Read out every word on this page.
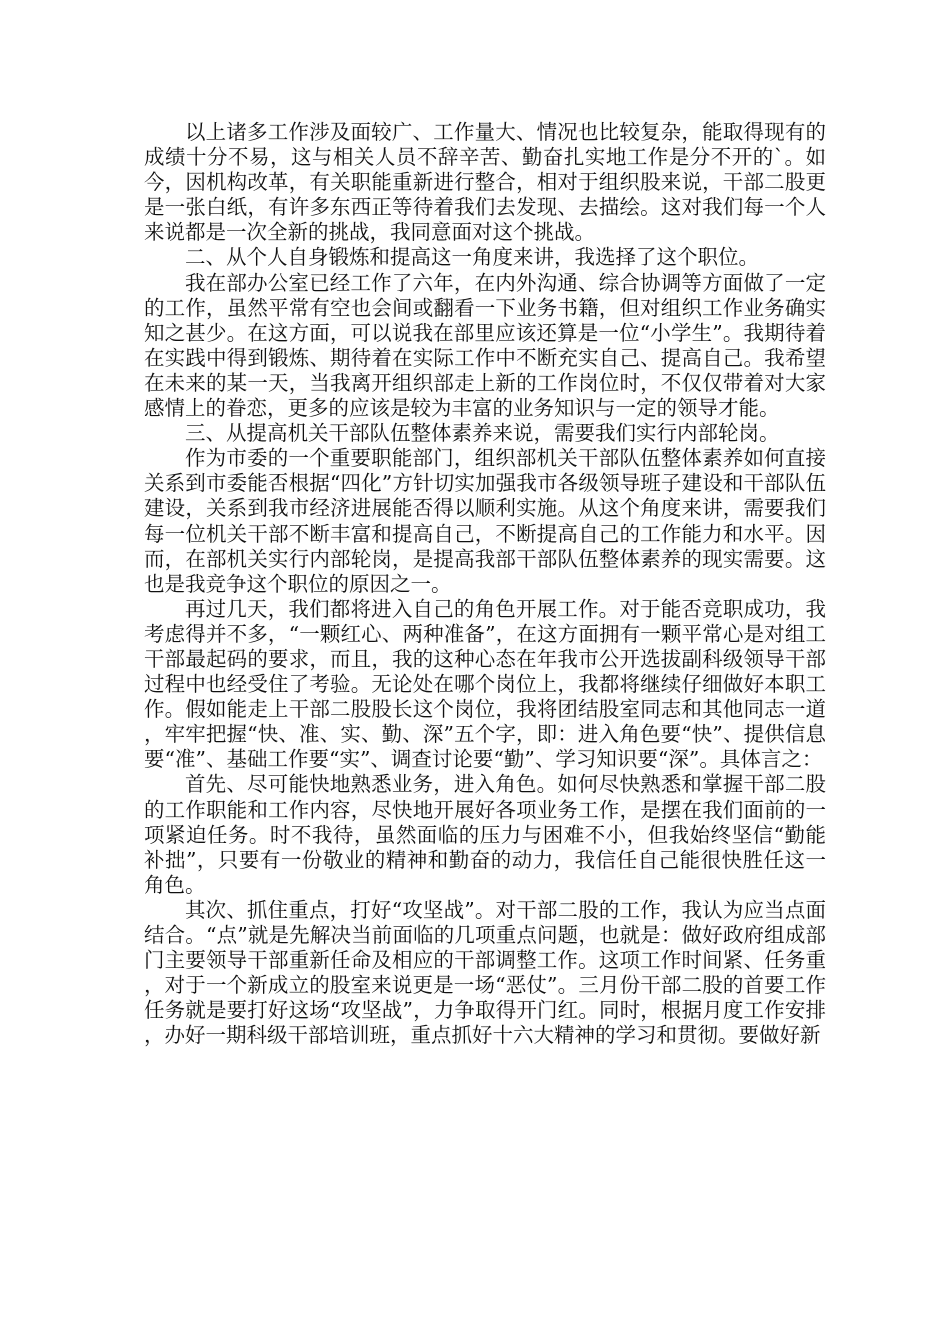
以上诸多工作涉及面较广、工作量大、情况也比较复杂，能取得现有的成绩十分不易，这与相关人员不辞辛苦、勤奋扎实地工作是分不开的`。如今，因机构改革，有关职能重新进行整合，相对于组织股来说，干部二股更是一张白纸，有许多东西正等待着我们去发现、去描绘。这对我们每一个人来说都是一次全新的挑战，我同意面对这个挑战。

二、从个人自身锻炼和提高这一角度来讲，我选择了这个职位。

我在部办公室已经工作了六年，在内外沟通、综合协调等方面做了一定的工作，虽然平常有空也会间或翻看一下业务书籍，但对组织工作业务确实知之甚少。在这方面，可以说我在部里应该还算是一位“小学生”。我期待着在实践中得到锻炼、期待着在实际工作中不断充实自己、提高自己。我希望在未来的某一天，当我离开组织部走上新的工作岗位时，不仅仅带着对大家感情上的眷恋，更多的应该是较为丰富的业务知识与一定的领导才能。

三、从提高机关干部队伍整体素养来说，需要我们实行内部轮岗。

作为市委的一个重要职能部门，组织部机关干部队伍整体素养如何直接关系到市委能否根据“四化”方针切实加强我市各级领导班子建设和干部队伍建设，关系到我市经济进展能否得以顺利实施。从这个角度来讲，需要我们每一位机关干部不断丰富和提高自己，不断提高自己的工作能力和水平。因而，在部机关实行内部轮岗，是提高我部干部队伍整体素养的现实需要。这也是我竞争这个职位的原因之一。

再过几天，我们都将进入自己的角色开展工作。对于能否竞职成功，我考虑得并不多，“一颗红心、两种准备”，在这方面拥有一颗平常心是对组工干部最起码的要求，而且，我的这种心态在年我市公开选拔副科级领导干部过程中也经受住了考验。无论处在哪个岗位上，我都将继续仔细做好本职工作。假如能走上干部二股股长这个岗位，我将团结股室同志和其他同志一道，牢牢把握“快、准、实、勤、深”五个字，即：进入角色要“快”、提供信息要“准”、基础工作要“实”、调查讨论要“勤”、学习知识要“深”。具体言之：

首先、尽可能快地熟悉业务，进入角色。如何尽快熟悉和掌握干部二股的工作职能和工作内容，尽快地开展好各项业务工作，是摆在我们面前的一项紧迫任务。时不我待，虽然面临的压力与困难不小，但我始终坚信“勤能补拙”，只要有一份敬业的精神和勤奋的动力，我信任自己能很快胜任这一角色。

其次、抓住重点，打好“攻坚战”。对干部二股的工作，我认为应当点面结合。“点”就是先解决当前面临的几项重点问题，也就是：做好政府组成部门主要领导干部重新任命及相应的干部调整工作。这项工作时间紧、任务重，对于一个新成立的股室来说更是一场“恶仗”。三月份干部二股的首要工作任务就是要打好这场“攻坚战”，力争取得开门红。同时，根据月度工作安排，办好一期科级干部培训班，重点抓好十六大精神的学习和贯彻。要做好新
